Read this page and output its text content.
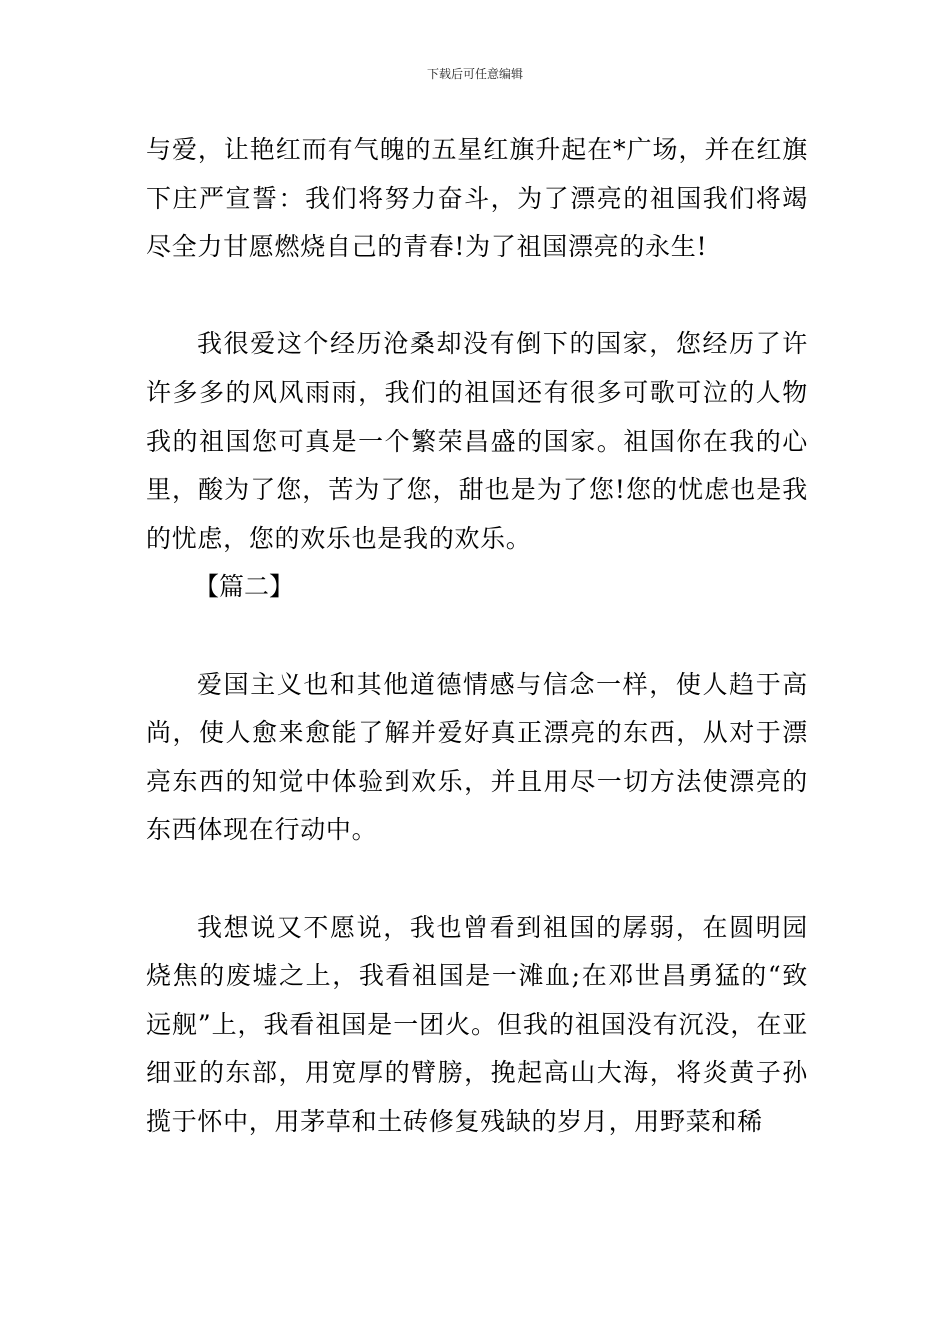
下载后可任意编辑

与爱，让艳红而有气魄的五星红旗升起在*广场，并在红旗下庄严宣誓：我们将努力奋斗，为了漂亮的祖国我们将竭尽全力甘愿燃烧自己的青春!为了祖国漂亮的永生!

我很爱这个经历沧桑却没有倒下的国家，您经历了许许多多的风风雨雨，我们的祖国还有很多可歌可泣的人物我的祖国您可真是一个繁荣昌盛的国家。祖国你在我的心里，酸为了您，苦为了您，甜也是为了您!您的忧虑也是我的忧虑，您的欢乐也是我的欢乐。

【篇二】

爱国主义也和其他道德情感与信念一样，使人趋于高尚，使人愈来愈能了解并爱好真正漂亮的东西，从对于漂亮东西的知觉中体验到欢乐，并且用尽一切方法使漂亮的东西体现在行动中。

我想说又不愿说，我也曾看到祖国的孱弱，在圆明园烧焦的废墟之上，我看祖国是一滩血;在邓世昌勇猛的“致远舰”上，我看祖国是一团火。但我的祖国没有沉没，在亚细亚的东部，用宽厚的臂膀，挽起高山大海，将炎黄子孙揽于怀中，用茅草和土砖修复残缺的岁月，用野菜和稀
